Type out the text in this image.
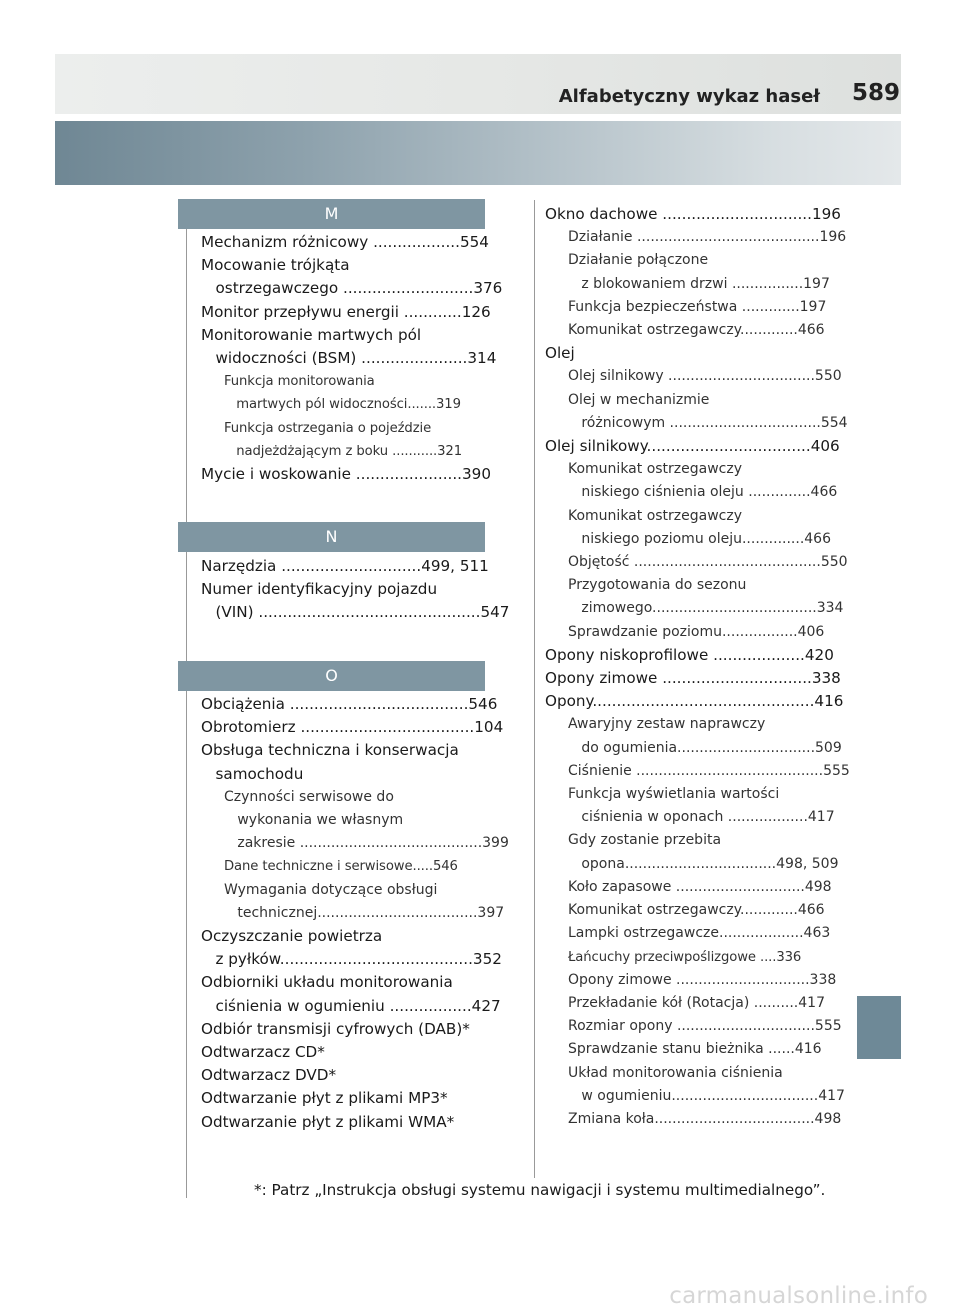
Alfabetyczny wykaz haseł 589
M
Mechanizm różnicowy ..................554
Mocowanie trójkąta
ostrzegawczego ...........................376
Monitor przepływu energii ............126
Monitorowanie martwych pól
widoczności (BSM) ......................314
Funkcja monitorowania
martwych pól widoczności.......319
Funkcja ostrzegania o pojeździe
nadjeżdżającym z boku ...........321
Mycie i woskowanie ......................390
N
Narzędzia .............................499, 511
Numer identyfikacyjny pojazdu
(VIN) ..............................................547
O
Obciążenia .....................................546
Obrotomierz ....................................104
Obsługa techniczna i konserwacja
samochodu
Czynności serwisowe do
wykonania we własnym
zakresie .........................................399
Dane techniczne i serwisowe.....546
Wymagania dotyczące obsługi
technicznej....................................397
Oczyszczanie powietrza
z pyłków........................................352
Odbiorniki układu monitorowania
ciśnienia w ogumieniu .................427
Odbiór transmisji cyfrowych (DAB)*
Odtwarzacz CD*
Odtwarzacz DVD*
Odtwarzanie płyt z plikami MP3*
Odtwarzanie płyt z plikami WMA*
Okno dachowe ...............................196
Działanie .........................................196
Działanie połączone
z blokowaniem drzwi ................197
Funkcja bezpieczeństwa .............197
Komunikat ostrzegawczy.............466
Olej
Olej silnikowy .................................550
Olej w mechanizmie
różnicowym ..................................554
Olej silnikowy..................................406
Komunikat ostrzegawczy
niskiego ciśnienia oleju ..............466
Komunikat ostrzegawczy
niskiego poziomu oleju..............466
Objętość ..........................................550
Przygotowania do sezonu
zimowego.....................................334
Sprawdzanie poziomu.................406
Opony niskoprofilowe ...................420
Opony zimowe ...............................338
Opony..............................................416
Awaryjny zestaw naprawczy
do ogumienia...............................509
Ciśnienie ..........................................555
Funkcja wyświetlania wartości
ciśnienia w oponach ..................417
Gdy zostanie przebita
opona..................................498, 509
Koło zapasowe .............................498
Komunikat ostrzegawczy.............466
Lampki ostrzegawcze...................463
Łańcuchy przeciwpoślizgowe ....336
Opony zimowe ..............................338
Przekładanie kół (Rotacja) ..........417
Rozmiar opony ...............................555
Sprawdzanie stanu bieżnika ......416
Układ monitorowania ciśnienia
w ogumieniu.................................417
Zmiana koła....................................498
*: Patrz „Instrukcja obsługi systemu nawigacji i systemu multimedialnego”.
carmanualsonline.info
